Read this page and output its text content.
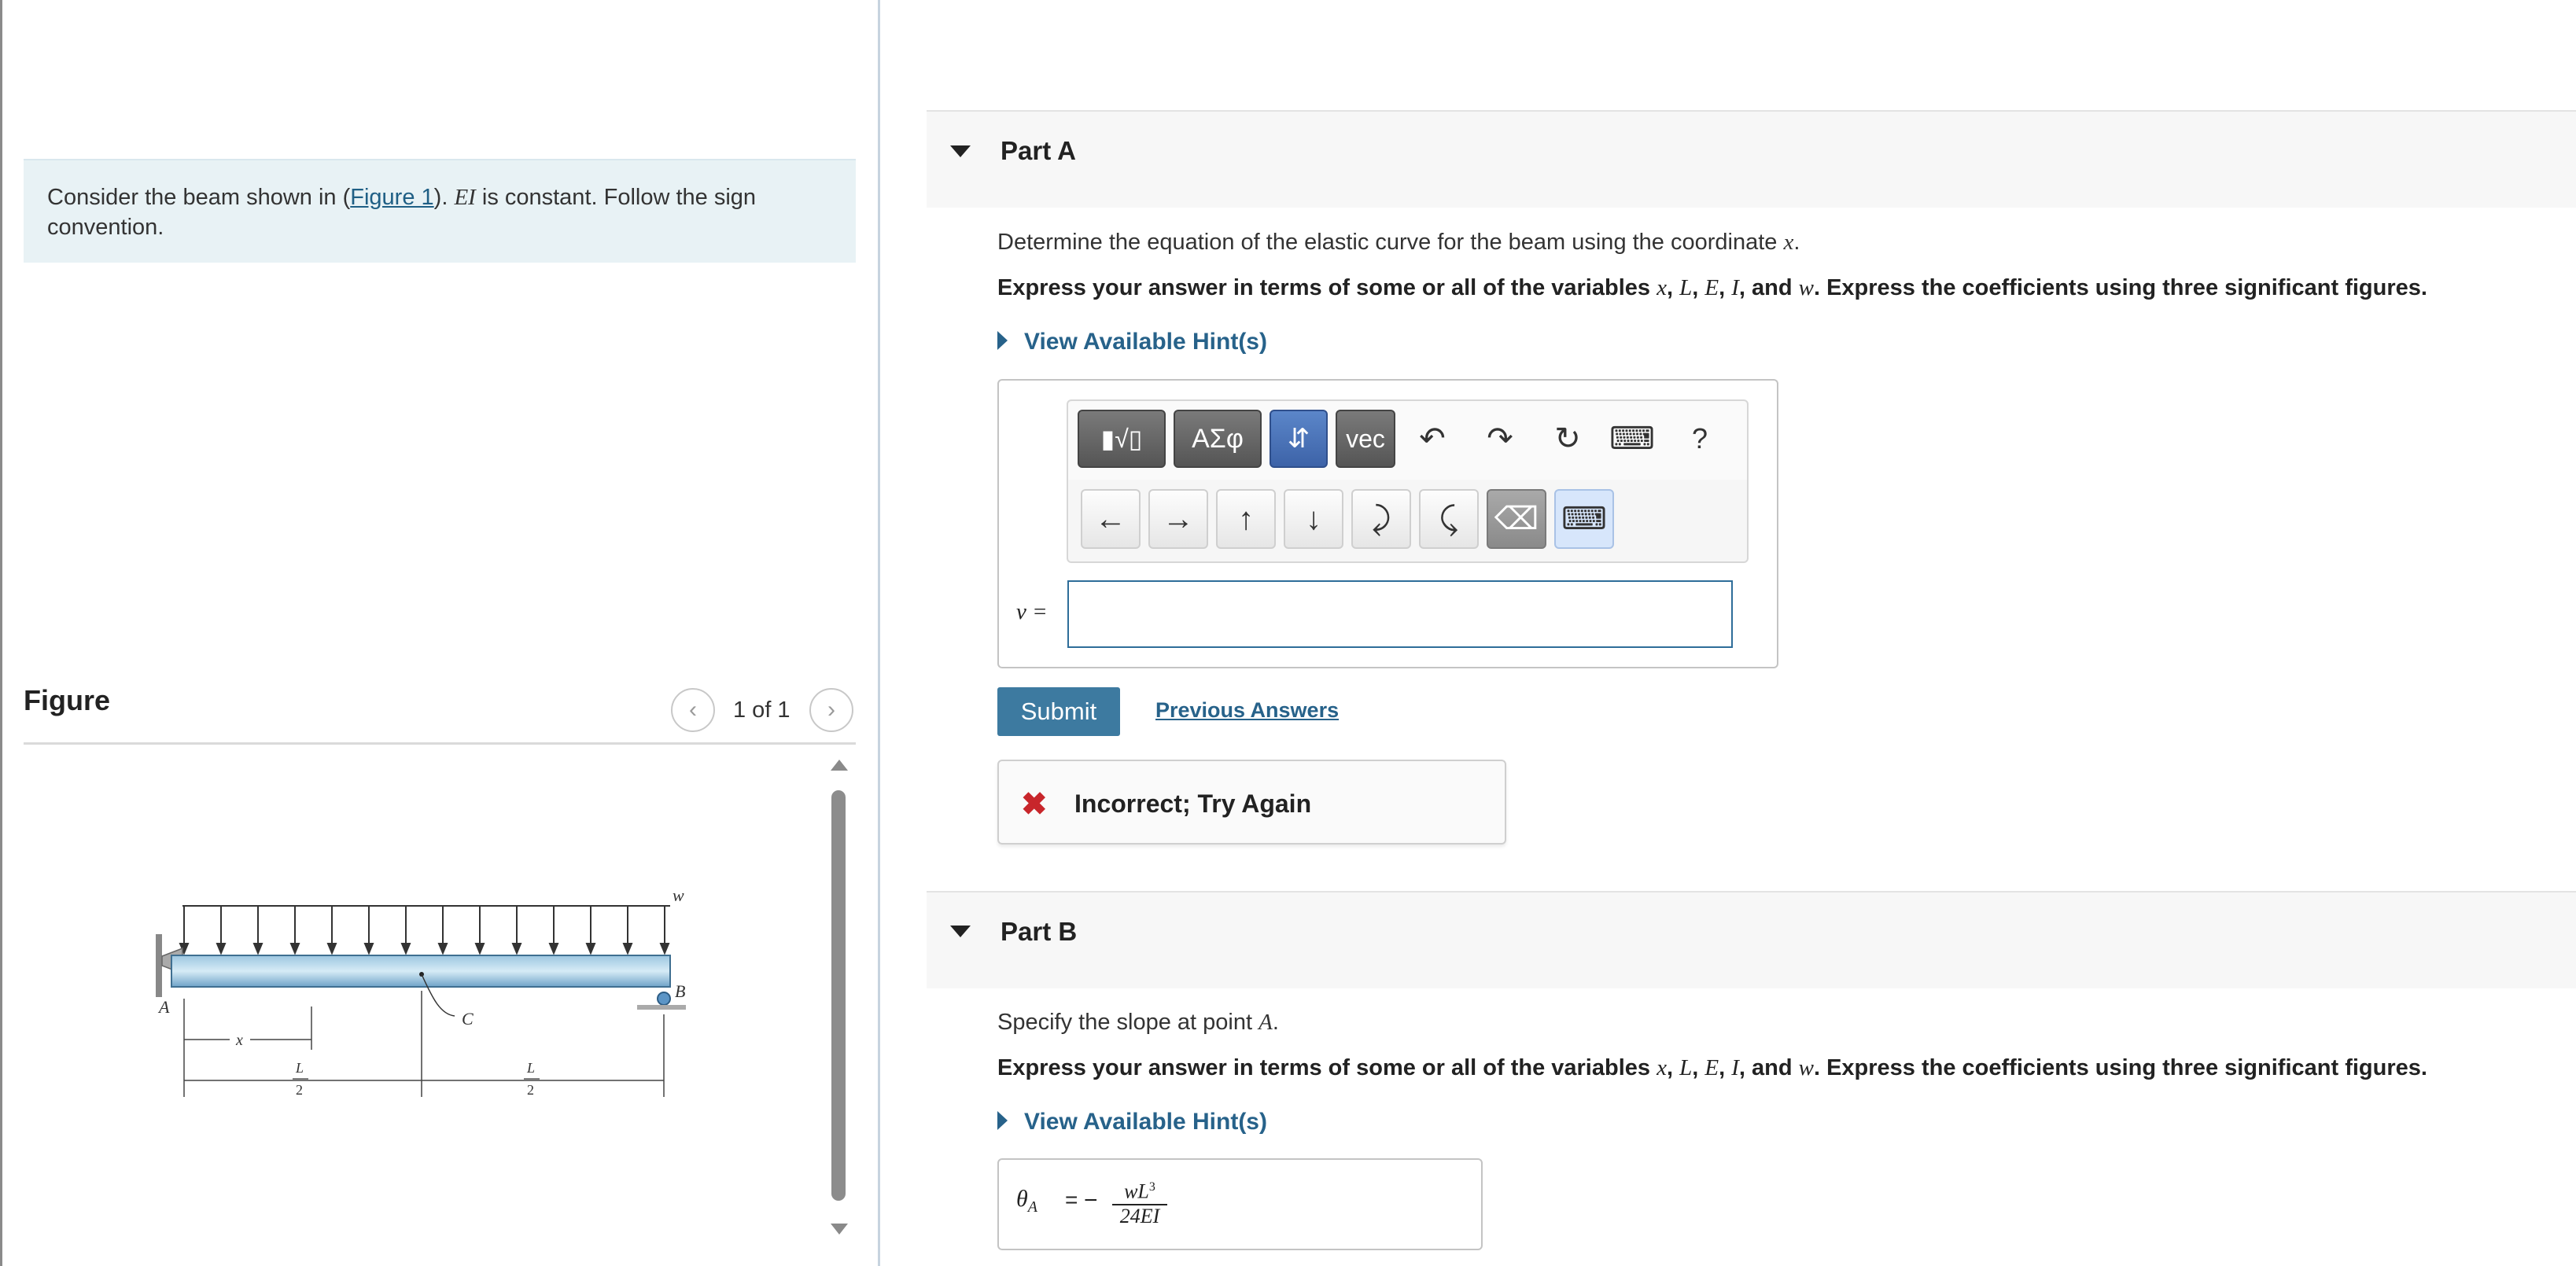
Consider the beam shown in (Figure 1). EI is constant. Follow the sign convention.
Figure	‹ 1 of 1 ›
w
A
B
C
x
L
2
L
2
Part A
Determine the equation of the elastic curve for the beam using the coordinate x.
Express your answer in terms of some or all of the variables x, L, E, I, and w. Express the coefficients using three significant figures.
View Available Hint(s)
▮√▯	ΑΣφ	⇵	vec	↶	↷	↻ ⌨	?
←	→	↑	↓	⤸	⤹	⌫ ⌨
v =
Submit	Previous Answers
✖ Incorrect; Try Again
Part B
Specify the slope at point A.
Express your answer in terms of some or all of the variables x, L, E, I, and w. Express the coefficients using three significant figures.
View Available Hint(s)
$\theta_A$ = −	$wL^3$
24EI
